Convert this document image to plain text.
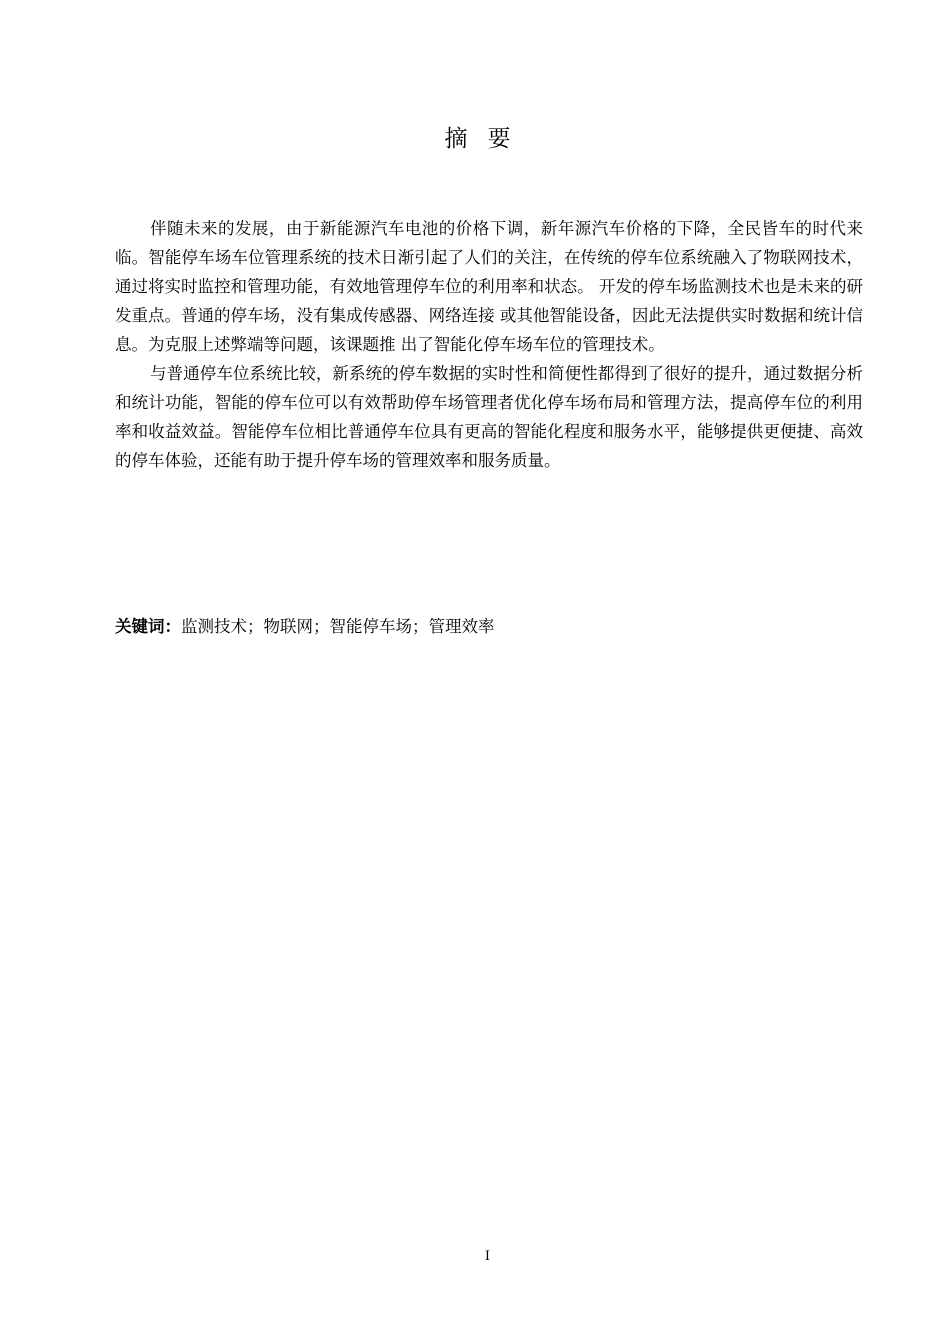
摘要

伴随未来的发展，由于新能源汽车电池的价格下调，新年源汽车价格的下降，全民皆车的时代来临。智能停车场车位管理系统的技术日渐引起了人们的关注，在传统的停车位系统融入了物联网技术，通过将实时监控和管理功能，有效地管理停车位的利用率和状态。 开发的停车场监测技术也是未来的研发重点。普通的停车场，没有集成传感器、网络连接 或其他智能设备，因此无法提供实时数据和统计信息。为克服上述弊端等问题，该课题推 出了智能化停车场车位的管理技术。

与普通停车位系统比较，新系统的停车数据的实时性和简便性都得到了很好的提升，通过数据分析和统计功能，智能的停车位可以有效帮助停车场管理者优化停车场布局和管理方法，提高停车位的利用率和收益效益。智能停车位相比普通停车位具有更高的智能化程度和服务水平，能够提供更便捷、高效的停车体验，还能有助于提升停车场的管理效率和服务质量。

关键词：监测技术；物联网；智能停车场；管理效率
I
